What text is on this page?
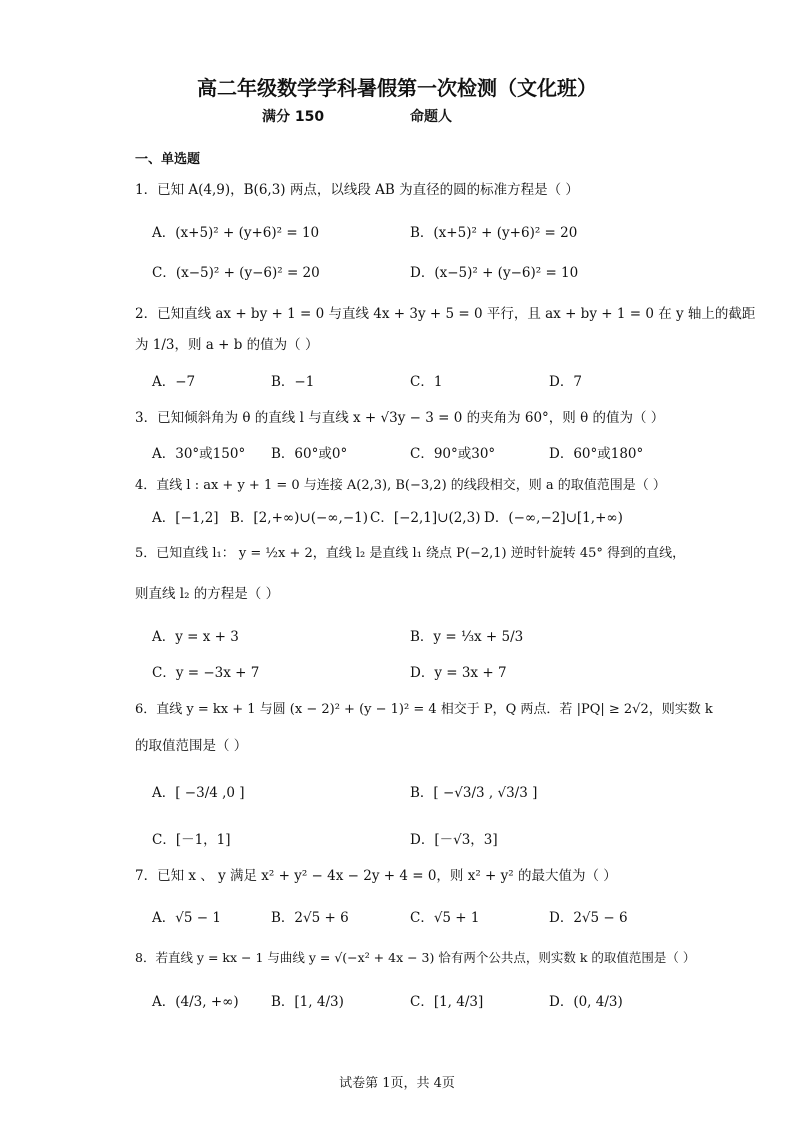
高二年级数学学科暑假第一次检测（文化班）
满分 150	命题人
一、单选题
1．已知 A(4,9)，B(6,3) 两点，以线段 AB 为直径的圆的标准方程是（ ）
A．(x+5)² + (y+6)² = 10	B．(x+5)² + (y+6)² = 20
C．(x−5)² + (y−6)² = 20	D．(x−5)² + (y−6)² = 10
2．已知直线 ax + by + 1 = 0 与直线 4x + 3y + 5 = 0 平行，且 ax + by + 1 = 0 在 y 轴上的截距
为 1/3，则 a + b 的值为（ ）
A．−7	B．−1	C．1	D．7
3．已知倾斜角为 θ 的直线 l 与直线 x + √3y − 3 = 0 的夹角为 60°，则 θ 的值为（ ）
A．30°或150° B．60°或0°	C．90°或30°	D．60°或180°
4．直线 l : ax + y + 1 = 0 与连接 A(2,3), B(−3,2) 的线段相交，则 a 的取值范围是（ ）
A．[−1,2] B．[2,+∞)∪(−∞,−1) C．[−2,1]∪(2,3) D．(−∞,−2]∪[1,+∞)
5．已知直线 l₁： y = ½x + 2，直线 l₂ 是直线 l₁ 绕点 P(−2,1) 逆时针旋转 45° 得到的直线，
则直线 l₂ 的方程是（ ）
A．y = x + 3	B．y = ⅓x + 5/3
C．y = −3x + 7	D．y = 3x + 7
6．直线 y = kx + 1 与圆 (x − 2)² + (y − 1)² = 4 相交于 P，Q 两点．若 |PQ| ≥ 2√2，则实数 k
的取值范围是（ ）
A．[ −3/4 ,0 ]	B．[ −√3/3 , √3/3 ]
C．[－1，1]	D．[－√3，3]
7．已知 x 、 y 满足 x² + y² − 4x − 2y + 4 = 0，则 x² + y² 的最大值为（ ）
A．√5 − 1	B．2√5 + 6	C．√5 + 1	D．2√5 − 6
8．若直线 y = kx − 1 与曲线 y = √(−x² + 4x − 3) 恰有两个公共点，则实数 k 的取值范围是（ ）
A．(4/3, +∞) B．[1, 4/3)	C．[1, 4/3]	D．(0, 4/3)
试卷第 1页，共 4页
